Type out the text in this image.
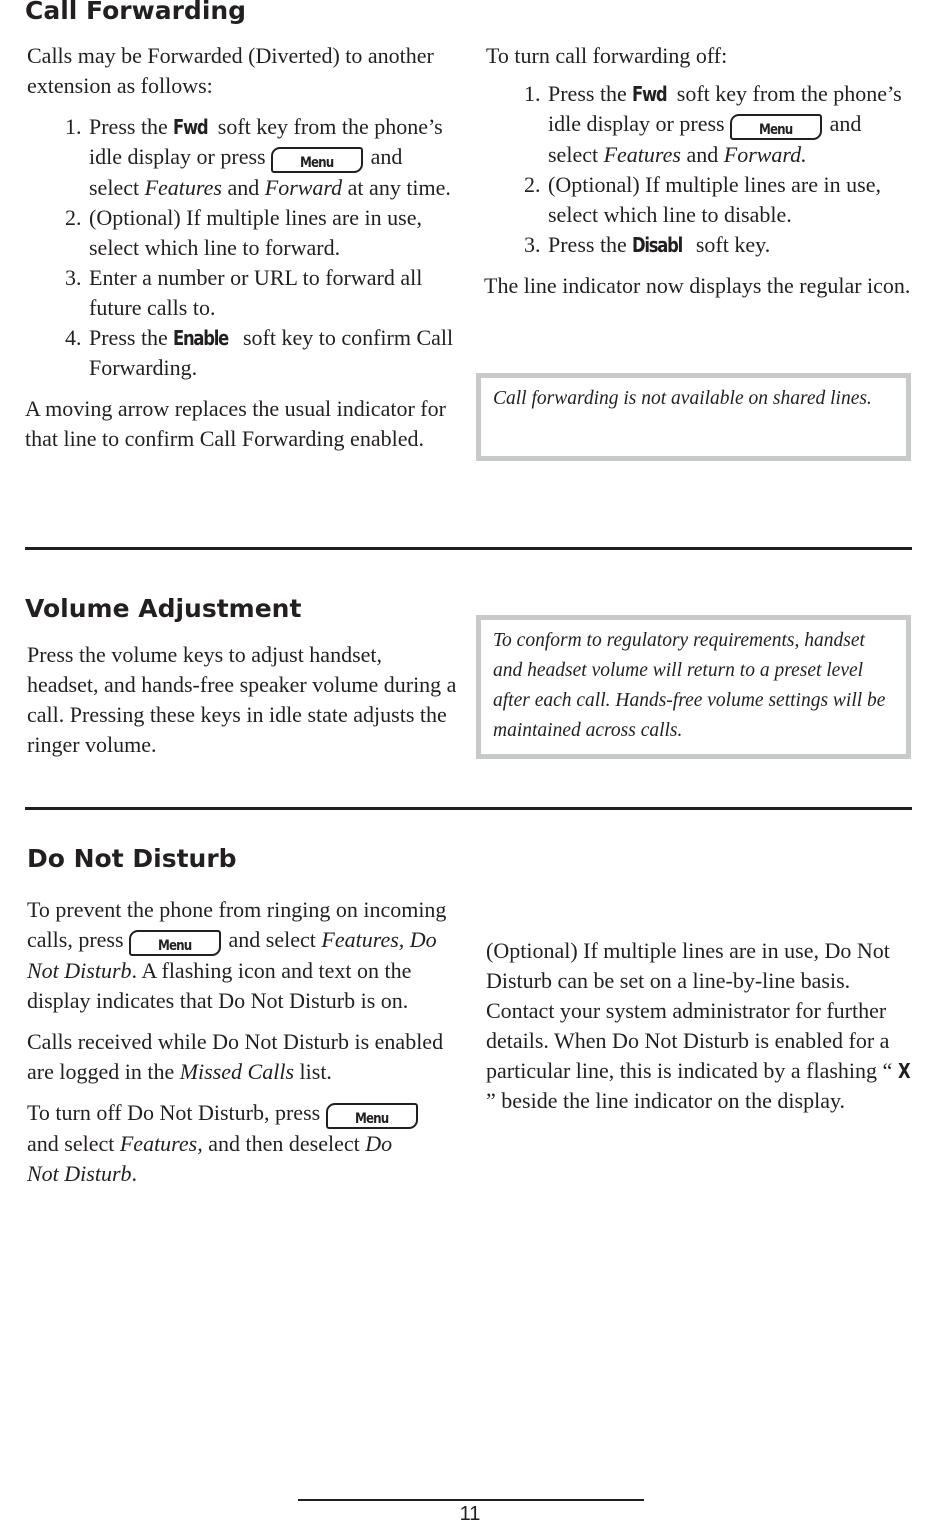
Call Forwarding

Calls may be Forwarded (Diverted) to another extension as follows:

1. Press the Fwd soft key from the phone’s idle display or press Menu and select Features and Forward at any time.
2. (Optional) If multiple lines are in use, select which line to forward.
3. Enter a number or URL to forward all future calls to.
4. Press the Enable soft key to confirm Call Forwarding.

A moving arrow replaces the usual indicator for that line to confirm Call Forwarding enabled.

To turn call forwarding off:

1. Press the Fwd soft key from the phone’s idle display or press Menu and select Features and Forward.
2. (Optional) If multiple lines are in use, select which line to disable.
3. Press the Disabl soft key.

The line indicator now displays the regular icon.

Call forwarding is not available on shared lines.
Volume Adjustment

Press the volume keys to adjust handset, headset, and hands-free speaker volume during a call. Pressing these keys in idle state adjusts the ringer volume.

To conform to regulatory requirements, handset and headset volume will return to a preset level after each call. Hands-free volume settings will be maintained across calls.
Do Not Disturb

To prevent the phone from ringing on incoming calls, press Menu and select Features, Do Not Disturb. A flashing icon and text on the display indicates that Do Not Disturb is on.

Calls received while Do Not Disturb is enabled are logged in the Missed Calls list.

To turn off Do Not Disturb, press Menu and select Features, and then deselect Do Not Disturb.

(Optional) If multiple lines are in use, Do Not Disturb can be set on a line-by-line basis. Contact your system administrator for further details. When Do Not Disturb is enabled for a particular line, this is indicated by a flashing “ X ” beside the line indicator on the display.

11
